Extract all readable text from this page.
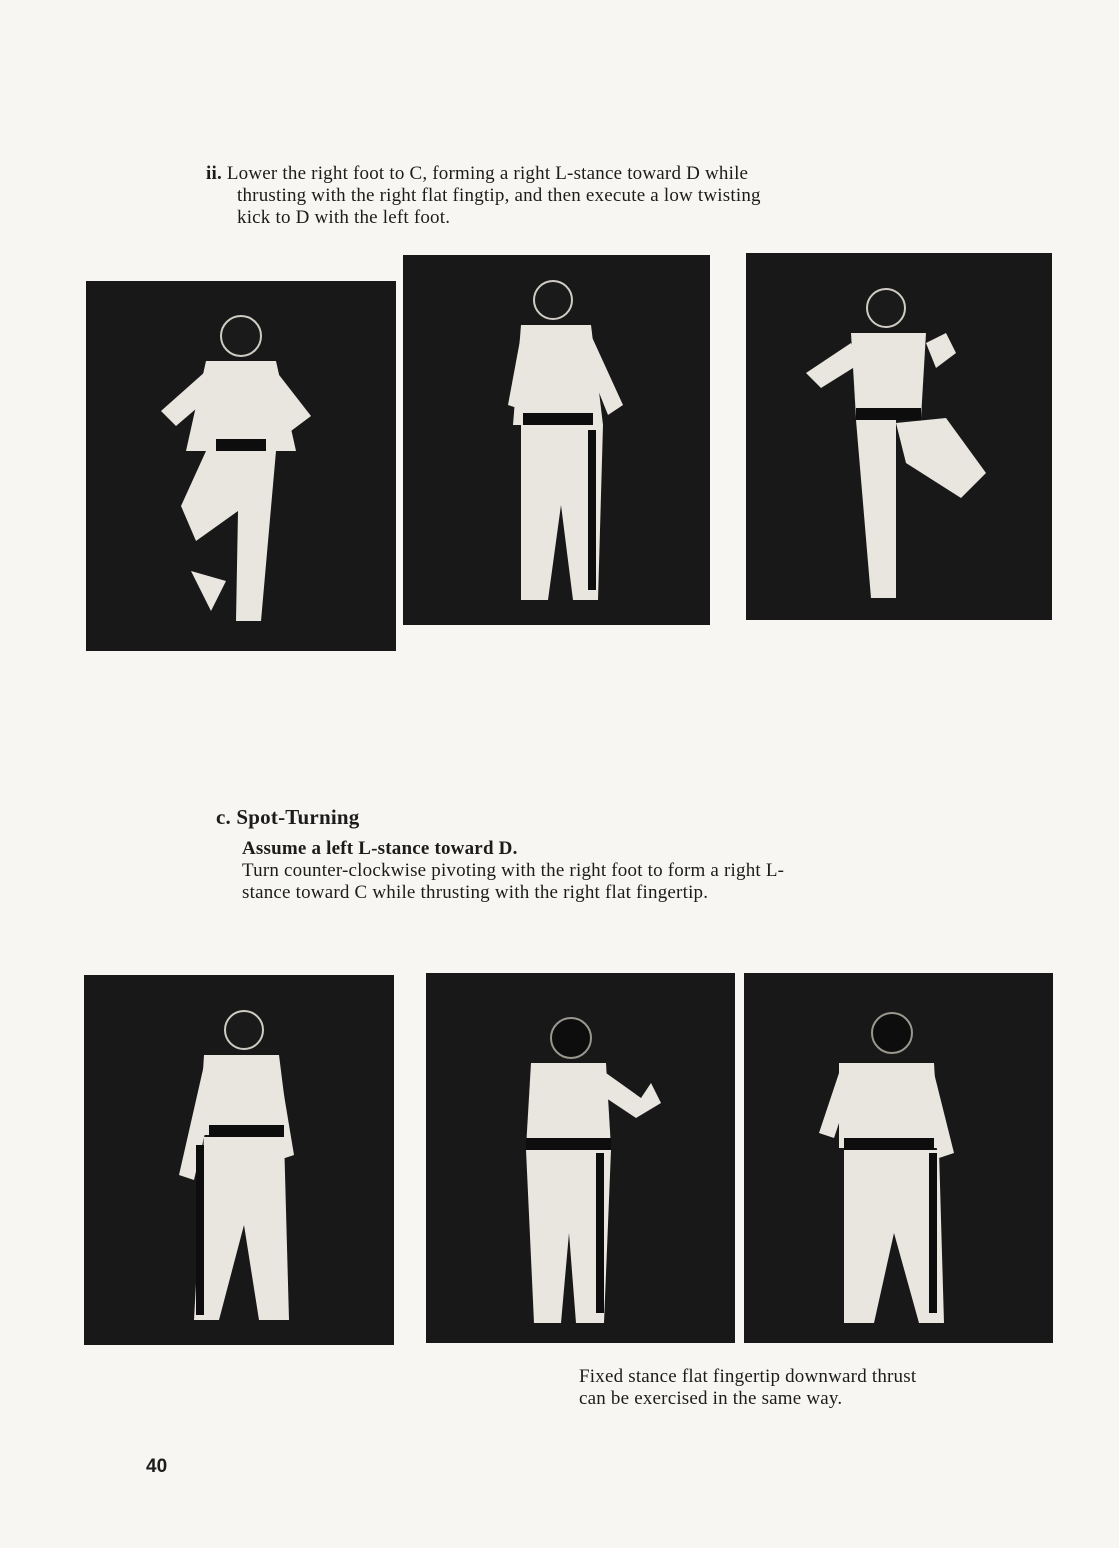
ii. Lower the right foot to C, forming a right L-stance toward D while
thrusting with the right flat fingtip, and then execute a low twisting
kick to D with the left foot.
c. Spot-Turning
Assume a left L-stance toward D.
Turn counter-clockwise pivoting with the right foot to form a right L-
stance toward C while thrusting with the right flat fingertip.
Fixed stance flat fingertip downward thrust
can be exercised in the same way.
40
